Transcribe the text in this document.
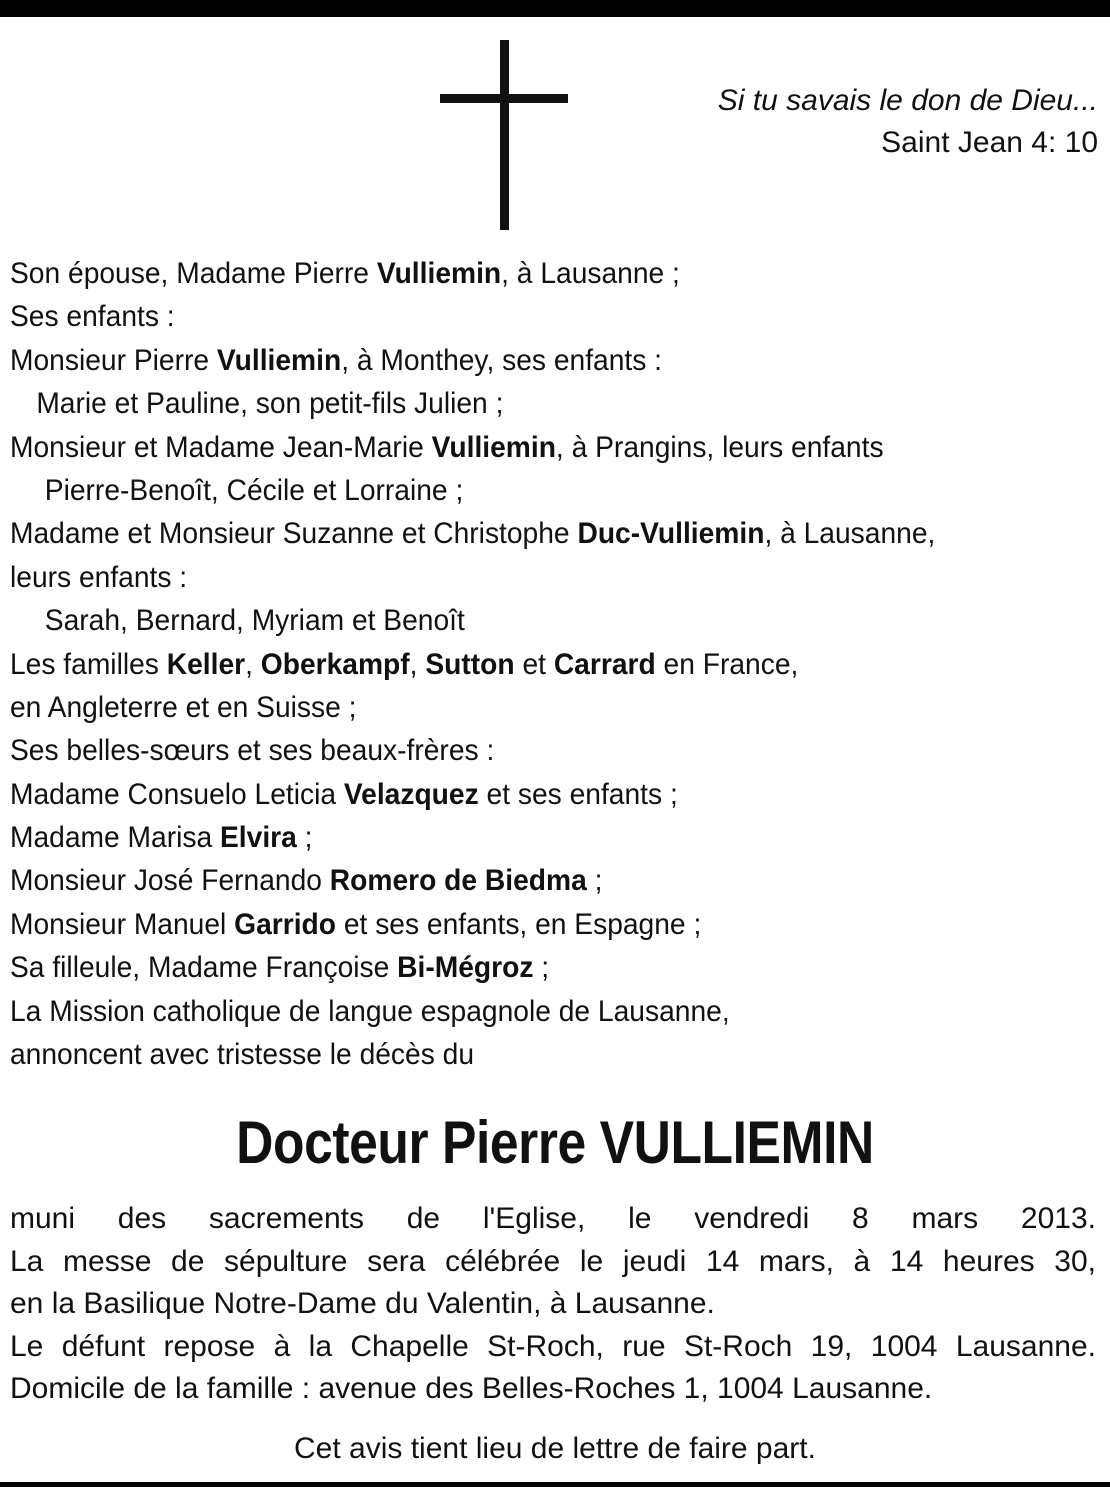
Si tu savais le don de Dieu...
Saint Jean 4: 10
Son épouse, Madame Pierre Vulliemin, à Lausanne ;
Ses enfants :
Monsieur Pierre Vulliemin, à Monthey, ses enfants :
Marie et Pauline, son petit-fils Julien ;
Monsieur et Madame Jean-Marie Vulliemin, à Prangins, leurs enfants
Pierre-Benoît, Cécile et Lorraine ;
Madame et Monsieur Suzanne et Christophe Duc-Vulliemin, à Lausanne,
leurs enfants :
Sarah, Bernard, Myriam et Benoît
Les familles Keller, Oberkampf, Sutton et Carrard en France,
en Angleterre et en Suisse ;
Ses belles-sœurs et ses beaux-frères :
Madame Consuelo Leticia Velazquez et ses enfants ;
Madame Marisa Elvira ;
Monsieur José Fernando Romero de Biedma ;
Monsieur Manuel Garrido et ses enfants, en Espagne ;
Sa filleule, Madame Françoise Bi-Mégroz ;
La Mission catholique de langue espagnole de Lausanne,
annoncent avec tristesse le décès du
Docteur Pierre VULLIEMIN
muni des sacrements de l'Eglise, le vendredi 8 mars 2013.
La messe de sépulture sera célébrée le jeudi 14 mars, à 14 heures 30,
en la Basilique Notre-Dame du Valentin, à Lausanne.
Le défunt repose à la Chapelle St-Roch, rue St-Roch 19, 1004 Lausanne.
Domicile de la famille : avenue des Belles-Roches 1, 1004 Lausanne.
Cet avis tient lieu de lettre de faire part.
